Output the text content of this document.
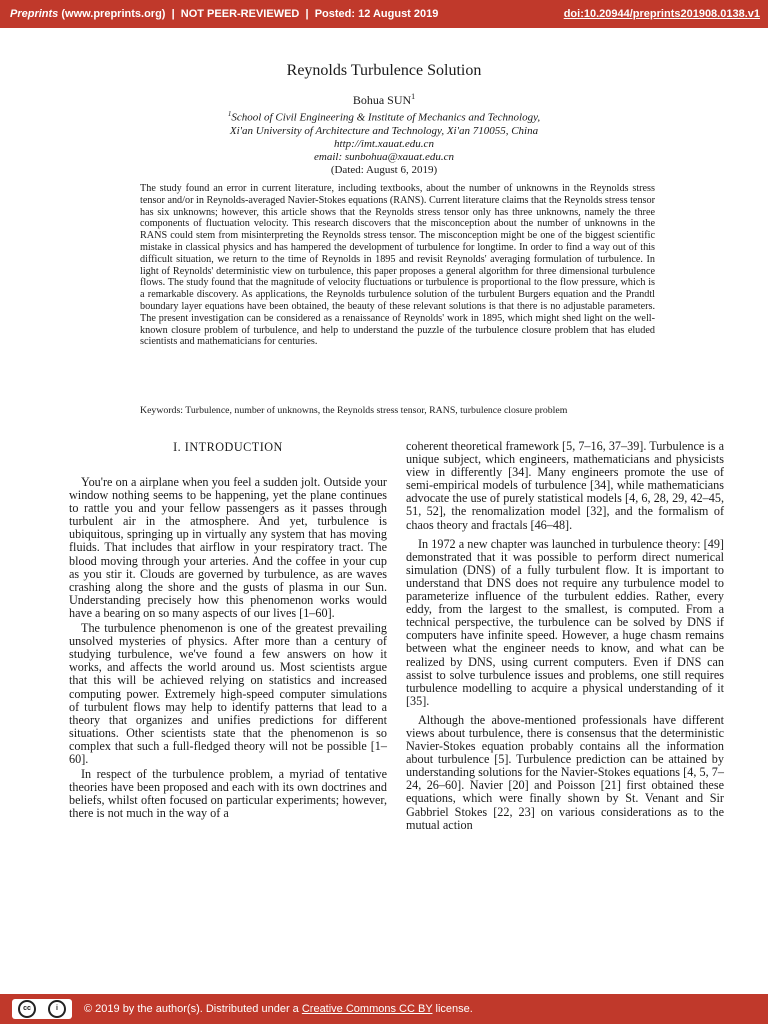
Preprints (www.preprints.org)  |  NOT PEER-REVIEWED  |  Posted: 12 August 2019	doi:10.20944/preprints201908.0138.v1
Reynolds Turbulence Solution
Bohua SUN$^1$
$^1$School of Civil Engineering & Institute of Mechanics and Technology,
Xi'an University of Architecture and Technology, Xi'an 710055, China
http://imt.xauat.edu.cn
email: sunbohua@xauat.edu.cn
(Dated: August 6, 2019)

The study found an error in current literature, including textbooks, about the number of unknowns in the Reynolds stress tensor and/or in Reynolds-averaged Navier-Stokes equations (RANS). Current literature claims that the Reynolds stress tensor has six unknowns; however, this article shows that the Reynolds stress tensor only has three unknowns, namely the three components of fluctuation velocity. This research discovers that the misconception about the number of unknowns in the RANS could stem from misinterpreting the Reynolds stress tensor. The misconception might be one of the biggest scientific mistake in classical physics and has hampered the development of turbulence for longtime. In order to find a way out of this difficult situation, we return to the time of Reynolds in 1895 and revisit Reynolds' averaging formulation of turbulence. In light of Reynolds' deterministic view on turbulence, this paper proposes a general algorithm for three dimensional turbulence flows. The study found that the magnitude of velocity fluctuations or turbulence is proportional to the flow pressure, which is a remarkable discovery. As applications, the Reynolds turbulence solution of the turbulent Burgers equation and the Prandtl boundary layer equations have been obtained, the beauty of these relevant solutions is that there is no adjustable parameters. The present investigation can be considered as a renaissance of Reynolds' work in 1895, which might shed light on the well-known closure problem of turbulence, and help to understand the puzzle of the turbulence closure problem that has eluded scientists and mathematicians for centuries.

Keywords: Turbulence, number of unknowns, the Reynolds stress tensor, RANS, turbulence closure problem
I. INTRODUCTION

You're on a airplane when you feel a sudden jolt. Outside your window nothing seems to be happening, yet the plane continues to rattle you and your fellow passengers as it passes through turbulent air in the atmosphere. And yet, turbulence is ubiquitous, springing up in virtually any system that has moving fluids. That includes that airflow in your respiratory tract. The blood moving through your arteries. And the coffee in your cup as you stir it. Clouds are governed by turbulence, as are waves crashing along the shore and the gusts of plasma in our Sun. Understanding precisely how this phenomenon works would have a bearing on so many aspects of our lives [1–60].

The turbulence phenomenon is one of the greatest prevailing unsolved mysteries of physics. After more than a century of studying turbulence, we've found a few answers on how it works, and affects the world around us. Most scientists argue that this will be achieved relying on statistics and increased computing power. Extremely high-speed computer simulations of turbulent flows may help to identify patterns that lead to a theory that organizes and unifies predictions for different situations. Other scientists state that the phenomenon is so complex that such a full-fledged theory will not be possible [1–60].

In respect of the turbulence problem, a myriad of tentative theories have been proposed and each with its own doctrines and beliefs, whilst often focused on particular experiments; however, there is not much in the way of a

coherent theoretical framework [5, 7–16, 37–39]. Turbulence is a unique subject, which engineers, mathematicians and physicists view in differently [34]. Many engineers promote the use of semi-empirical models of turbulence [34], while mathematicians advocate the use of purely statistical models [4, 6, 28, 29, 42–45, 51, 52], the renomalization model [32], and the formalism of chaos theory and fractals [46–48].

In 1972 a new chapter was launched in turbulence theory: [49] demonstrated that it was possible to perform direct numerical simulation (DNS) of a fully turbulent flow. It is important to understand that DNS does not require any turbulence model to parameterize influence of the turbulent eddies. Rather, every eddy, from the largest to the smallest, is computed. From a technical perspective, the turbulence can be solved by DNS if computers have infinite speed. However, a huge chasm remains between what the engineer needs to know, and what can be realized by DNS, using current computers. Even if DNS can assist to solve turbulence issues and problems, one still requires turbulence modelling to acquire a physical understanding of it [35].

Although the above-mentioned professionals have different views about turbulence, there is consensus that the deterministic Navier-Stokes equation probably contains all the information about turbulence [5]. Turbulence prediction can be attained by understanding solutions for the Navier-Stokes equations [4, 5, 7–24, 26–60]. Navier [20] and Poisson [21] first obtained these equations, which were finally shown by St. Venant and Sir Gabbriel Stokes [22, 23] on various considerations as to the mutual action

cc	i	© 2019 by the author(s). Distributed under a Creative Commons CC BY license.
